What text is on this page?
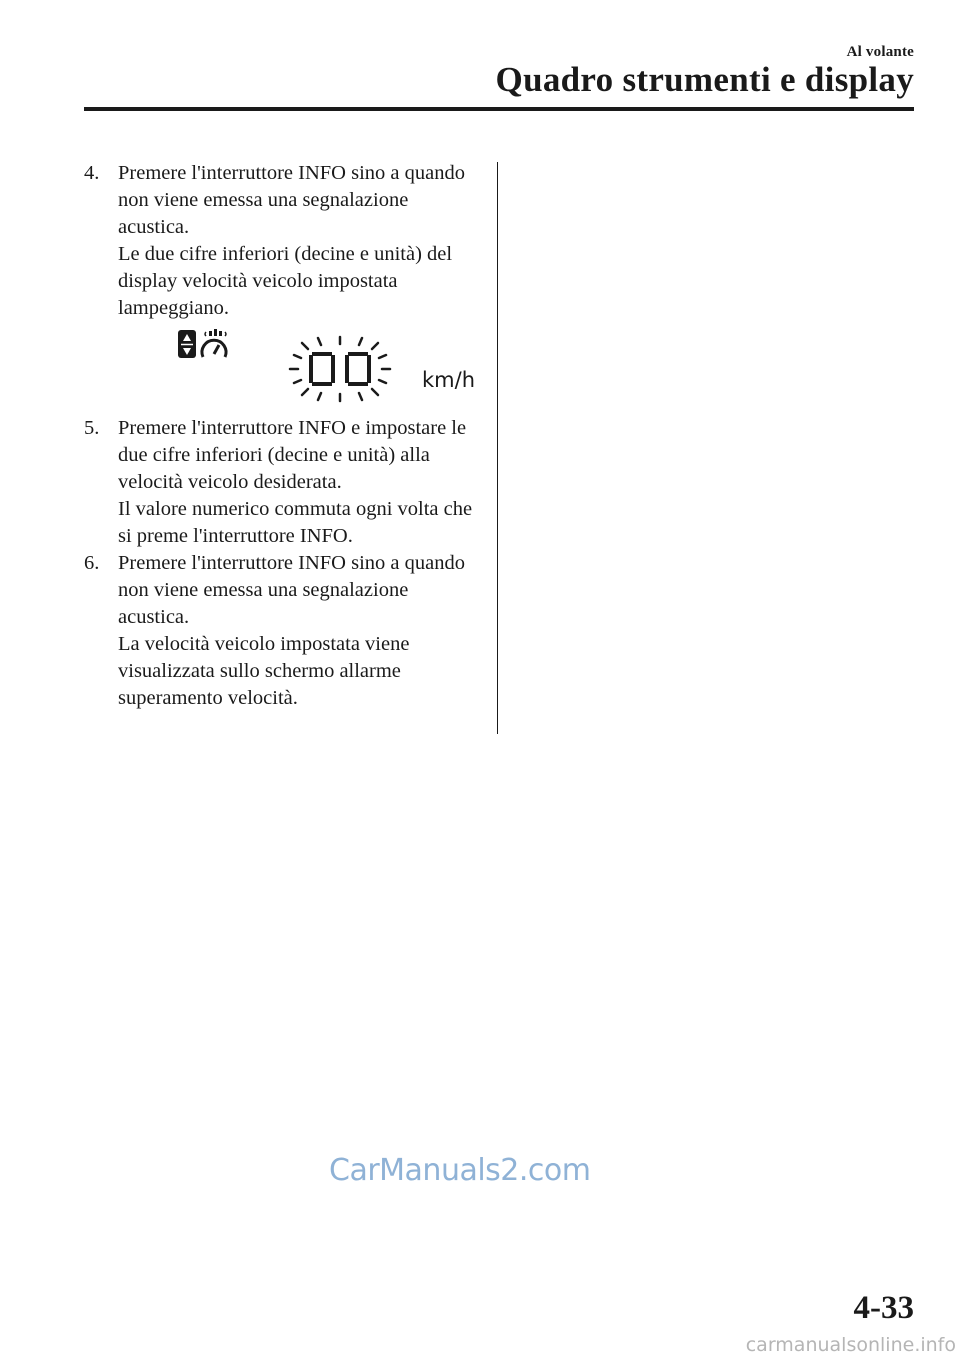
Al volante
Quadro strumenti e display
4. Premere l'interruttore INFO sino a quando non viene emessa una segnalazione acustica.

Le due cifre inferiori (decine e unità) del display velocità veicolo impostata lampeggiano.

km/h
5. Premere l'interruttore INFO e impostare le due cifre inferiori (decine e unità) alla velocità veicolo desiderata.

Il valore numerico commuta ogni volta che si preme l'interruttore INFO.

6. Premere l'interruttore INFO sino a quando non viene emessa una segnalazione acustica.

La velocità veicolo impostata viene visualizzata sullo schermo allarme superamento velocità.

CarManuals2.com
4-33
carmanualsonline.info
